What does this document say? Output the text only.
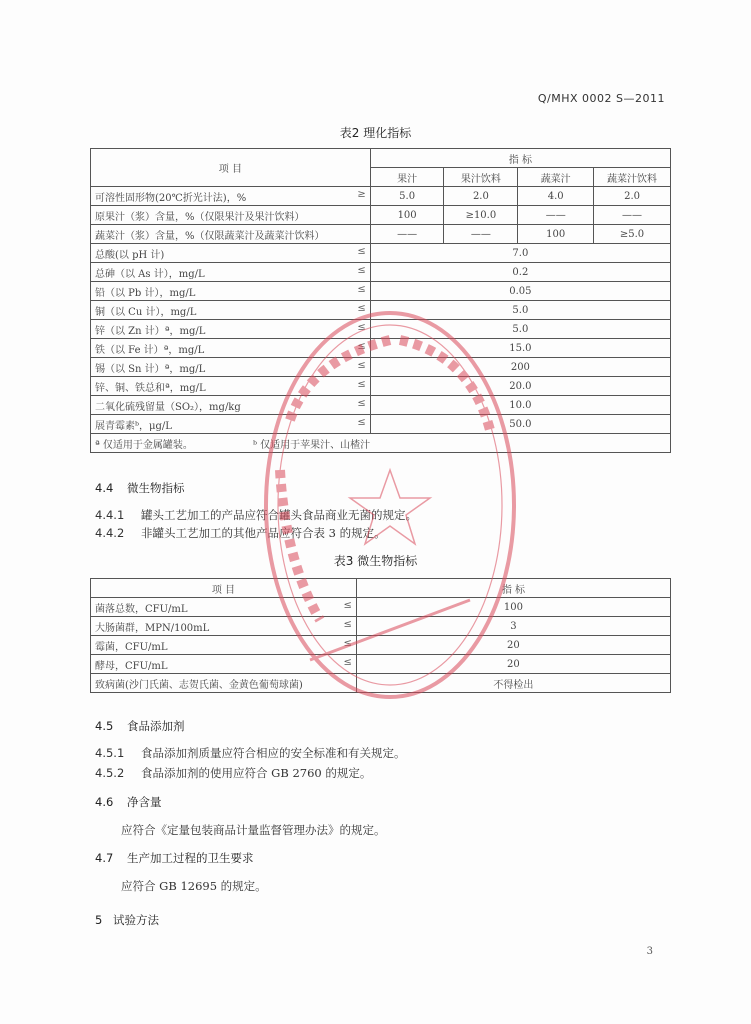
Q/MHX 0002 S—2011
表2 理化指标
项 目	指 标			
	果汁	果汁饮料	蔬菜汁	蔬菜汁饮料

可溶性固形物(20℃折光计法)，% ≥	5.0	2.0	4.0	2.0

原果汁（浆）含量，%（仅限果汁及果汁饮料）	100	≥10.0	——	——

蔬菜汁（浆）含量，%（仅限蔬菜汁及蔬菜汁饮料）	——	——	100	≥5.0

总酸(以 pH 计) ≤	7.0			

总砷（以 As 计），mg/L ≤	0.2			

铅（以 Pb 计），mg/L ≤	0.05			

铜（以 Cu 计），mg/L ≤	5.0			

锌（以 Zn 计）ª，mg/L ≤	5.0			

铁（以 Fe 计）ª，mg/L ≤	15.0			

锡（以 Sn 计）ª，mg/L ≤	200			

锌、铜、铁总和ª，mg/L ≤	20.0			

二氧化硫残留量（SO₂），mg/kg ≤	10.0			

展青霉素ᵇ，μg/L ≤	50.0			
ª 仅适用于金属罐装。 ᵇ 仅适用于苹果汁、山楂汁				
4.4 微生物指标
4.4.1 罐头工艺加工的产品应符合罐头食品商业无菌的规定。
4.4.2 非罐头工艺加工的其他产品应符合表 3 的规定。
表3 微生物指标
项 目	指 标

菌落总数，CFU/mL ≤	100

大肠菌群，MPN/100mL ≤	3

霉菌，CFU/mL ≤	20

酵母，CFU/mL ≤	20

致病菌(沙门氏菌、志贺氏菌、金黄色葡萄球菌)	不得检出
4.5 食品添加剂
4.5.1 食品添加剂质量应符合相应的安全标准和有关规定。
4.5.2 食品添加剂的使用应符合 GB 2760 的规定。
4.6 净含量
应符合《定量包装商品计量监督管理办法》的规定。
4.7 生产加工过程的卫生要求
应符合 GB 12695 的规定。
5 试验方法
3
